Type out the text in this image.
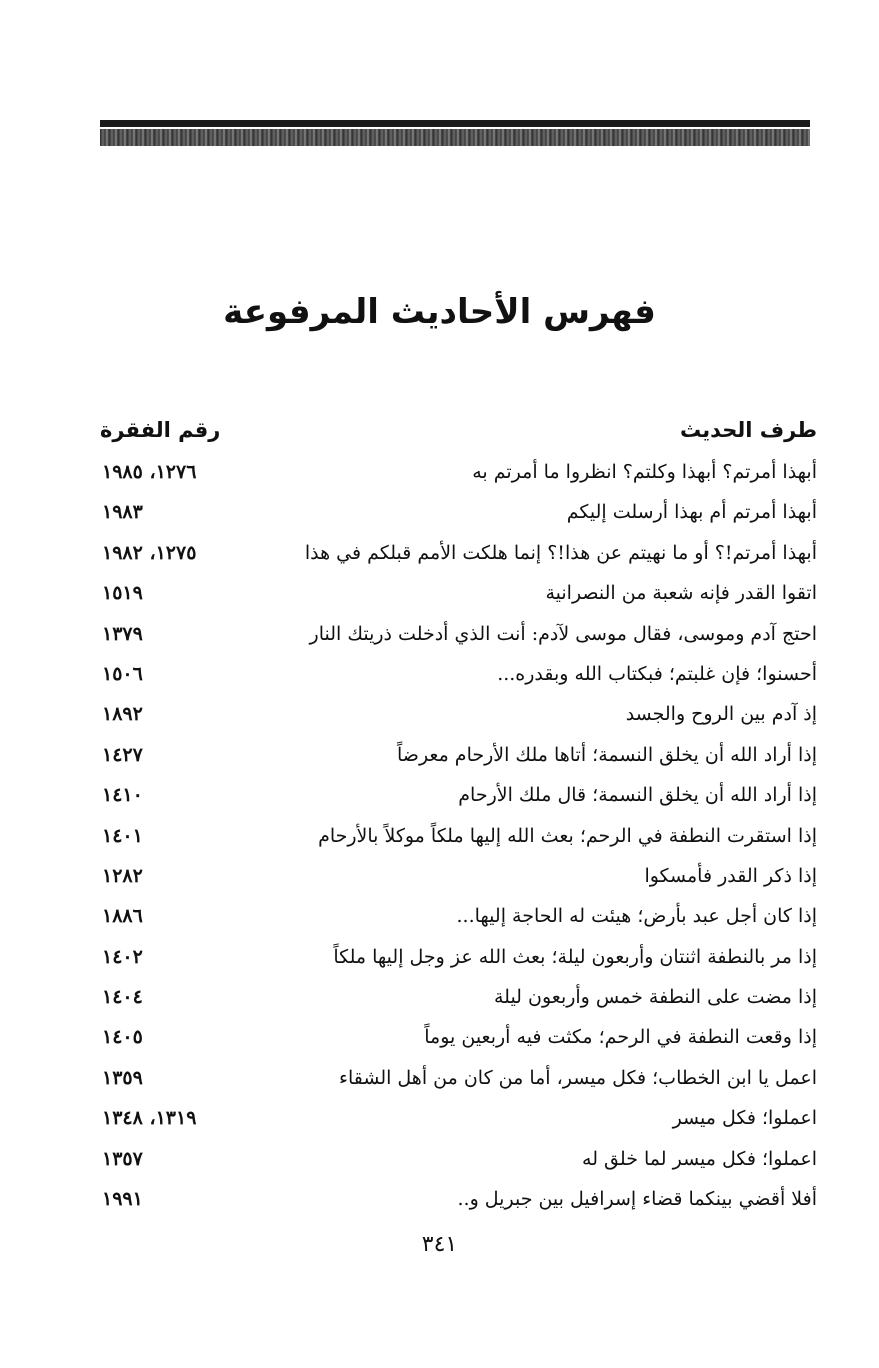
فهرس الأحاديث المرفوعة
طرف الحديث
رقم الفقرة
أبهذا أمرتم؟ أبهذا وكلتم؟ انظروا ما أمرتم به
١٢٧٦، ١٩٨٥
أبهذا أمرتم أم بهذا أرسلت إليكم
١٩٨٣
أبهذا أمرتم!؟ أو ما نهيتم عن هذا!؟ إنما هلكت الأمم قبلكم في هذا
١٢٧٥، ١٩٨٢
اتقوا القدر فإنه شعبة من النصرانية
١٥١٩
احتج آدم وموسى، فقال موسى لآدم: أنت الذي أدخلت ذريتك النار
١٣٧٩
أحسنوا؛ فإن غلبتم؛ فبكتاب الله وبقدره...
١٥٠٦
إذ آدم بين الروح والجسد
١٨٩٢
إذا أراد الله أن يخلق النسمة؛ أتاها ملك الأرحام معرضاً
١٤٢٧
إذا أراد الله أن يخلق النسمة؛ قال ملك الأرحام
١٤١٠
إذا استقرت النطفة في الرحم؛ بعث الله إليها ملكاً موكلاً بالأرحام
١٤٠١
إذا ذكر القدر فأمسكوا
١٢٨٢
إذا كان أجل عبد بأرض؛ هيئت له الحاجة إليها...
١٨٨٦
إذا مر بالنطفة اثنتان وأربعون ليلة؛ بعث الله عز وجل إليها ملكاً
١٤٠٢
إذا مضت على النطفة خمس وأربعون ليلة
١٤٠٤
إذا وقعت النطفة في الرحم؛ مكثت فيه أربعين يوماً
١٤٠٥
اعمل يا ابن الخطاب؛ فكل ميسر، أما من كان من أهل الشقاء
١٣٥٩
اعملوا؛ فكل ميسر
١٣١٩، ١٣٤٨
اعملوا؛ فكل ميسر لما خلق له
١٣٥٧
أفلا أقضي بينكما قضاء إسرافيل بين جبريل و..
١٩٩١
٣٤١
